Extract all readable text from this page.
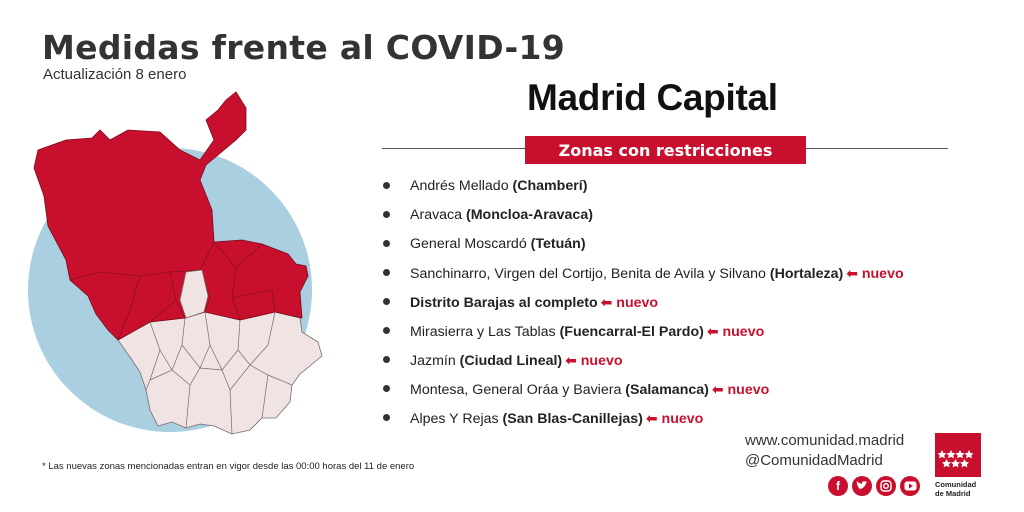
Medidas frente al COVID-19
Actualización 8 enero
Madrid Capital
Zonas con restricciones
Andrés Mellado (Chamberí)
Aravaca (Moncloa-Aravaca)
General Moscardó (Tetuán)
Sanchinarro, Virgen del Cortijo, Benita de Avila y Silvano (Hortaleza) ⬅ nuevo
Distrito Barajas al completo ⬅ nuevo
Mirasierra y Las Tablas (Fuencarral-El Pardo) ⬅ nuevo
Jazmín (Ciudad Lineal) ⬅ nuevo
Montesa, General Oráa y Baviera (Salamanca) ⬅ nuevo
Alpes Y Rejas (San Blas-Canillejas) ⬅ nuevo
* Las nuevas zonas mencionadas entran en vigor desde las 00:00 horas del 11 de enero
www.comunidad.madrid
@ComunidadMadrid
f	Comunidad
de Madrid
